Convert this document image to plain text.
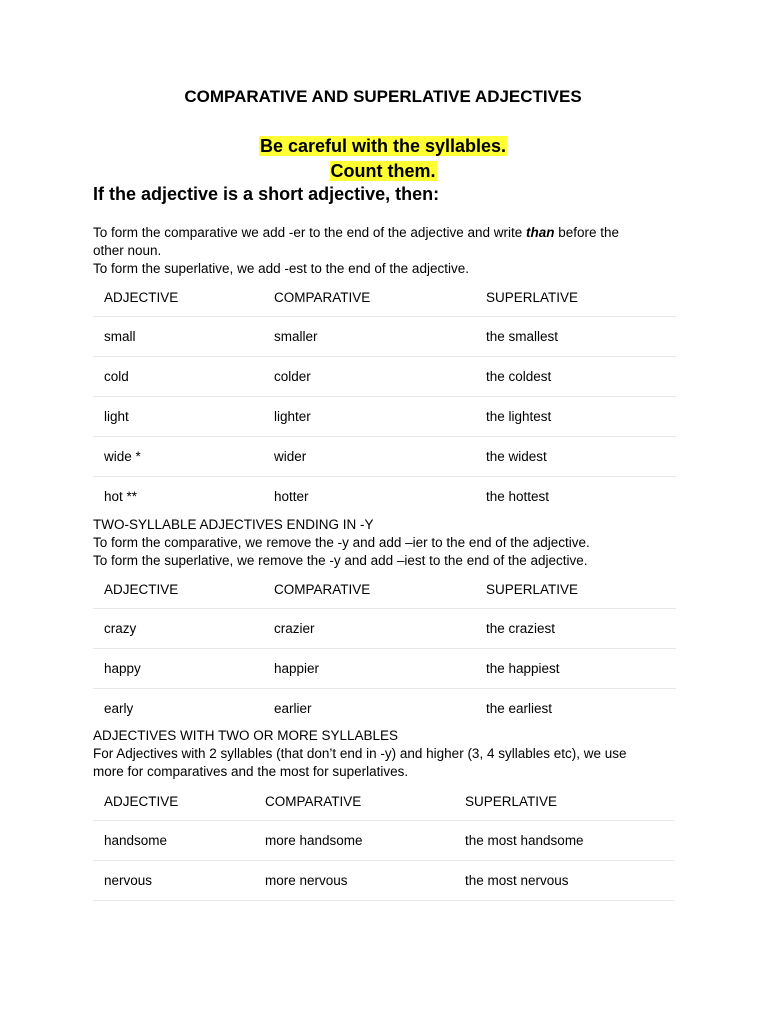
COMPARATIVE AND SUPERLATIVE ADJECTIVES
Be careful with the syllables.
Count them.
If the adjective is a short adjective, then:
To form the comparative we add -er to the end of the adjective and write than before the
other noun.
To form the superlative, we add -est to the end of the adjective.
ADJECTIVE	COMPARATIVE	SUPERLATIVE
small	smaller	the smallest
cold	colder	the coldest
light	lighter	the lightest
wide *	wider	the widest
hot **	hotter	the hottest
TWO-SYLLABLE ADJECTIVES ENDING IN -Y
To form the comparative, we remove the -y and add –ier to the end of the adjective.
To form the superlative, we remove the -y and add –iest to the end of the adjective.
ADJECTIVE	COMPARATIVE	SUPERLATIVE
crazy	crazier	the craziest
happy	happier	the happiest
early	earlier	the earliest
ADJECTIVES WITH TWO OR MORE SYLLABLES
For Adjectives with 2 syllables (that don’t end in -y) and higher (3, 4 syllables etc), we use
more for comparatives and the most for superlatives.
ADJECTIVE	COMPARATIVE	SUPERLATIVE
handsome	more handsome	the most handsome
nervous	more nervous	the most nervous
